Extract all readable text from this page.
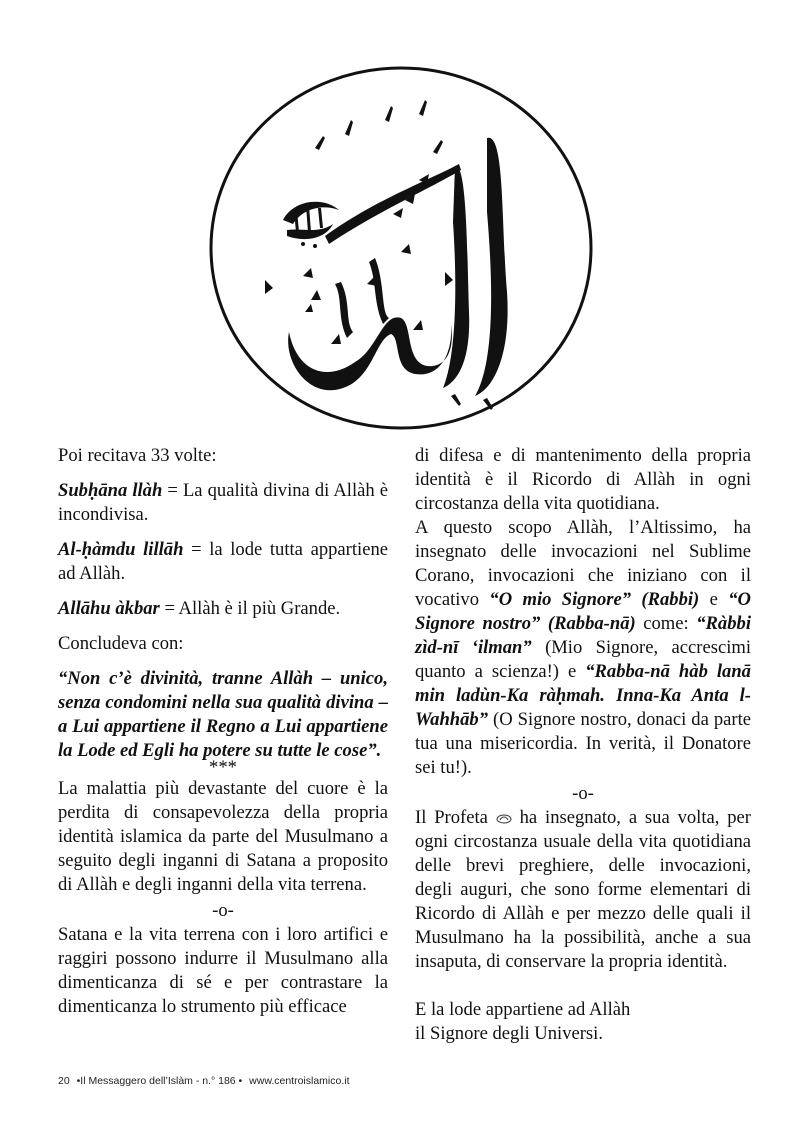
Poi recitava 33 volte:

Subḥāna llàh = La qualità divina di Allàh è incondivisa.

Al-ḥàmdu lillāh = la lode tutta appartiene ad Allàh.

Allāhu àkbar = Allàh è il più Grande.

Concludeva con:

“Non c’è divinità, tranne Allàh – unico, senza condomini nella sua qualità divina – a Lui appartiene il Regno a Lui appartiene la Lode ed Egli ha potere su tutte le cose”.

***

La malattia più devastante del cuore è la perdita di consapevolezza della propria identità islamica da parte del Musulmano a seguito degli inganni di Satana a proposito di Allàh e degli inganni della vita terrena.

-o-

Satana e la vita terrena con i loro artifici e raggiri possono indurre il Musulmano alla dimenticanza di sé e per contrastare la dimenticanza lo strumento più efficace

di difesa e di mantenimento della propria identità è il Ricordo di Allàh in ogni circostanza della vita quotidiana.

A questo scopo Allàh, l’Altissimo, ha insegnato delle invocazioni nel Sublime Corano, invocazioni che iniziano con il vocativo “O mio Signore” (Rabbi) e “O Signore nostro” (Rabba-nā) come: “Ràbbi zìd-nī ‘ilman” (Mio Signore, accrescimi quanto a scienza!) e “Rabba-nā hàb lanā min ladùn-Ka ràḥmah. Inna-Ka Anta l-Wahhāb” (O Signore nostro, donaci da parte tua una misericordia. In verità, il Donatore sei tu!).

-o-

Il Profeta  ha insegnato, a sua volta, per ogni circostanza usuale della vita quotidiana delle brevi preghiere, delle invocazioni, degli auguri, che sono forme elementari di Ricordo di Allàh e per mezzo delle quali il Musulmano ha la possibilità, anche a sua insaputa, di conservare la propria identità.

E la lode appartiene ad Allàh

il Signore degli Universi.

20 •Il Messaggero dell’Islàm - n.° 186 • www.centroislamico.it
